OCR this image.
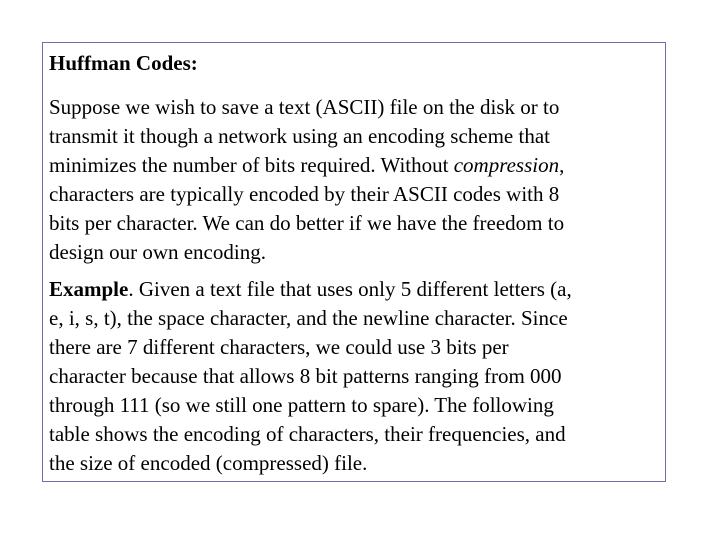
Huffman Codes:

Suppose we wish to save a text (ASCII) file on the disk or to
transmit it though a network using an encoding scheme that
minimizes the number of bits required. Without compression,
characters are typically encoded by their ASCII codes with 8
bits per character. We can do better if we have the freedom to
design our own encoding.

Example. Given a text file that uses only 5 different letters (a,
e, i, s, t), the space character, and the newline character. Since
there are 7 different characters, we could use 3 bits per
character because that allows 8 bit patterns ranging from 000
through 111 (so we still one pattern to spare). The following
table shows the encoding of characters, their frequencies, and
the size of encoded (compressed) file.
